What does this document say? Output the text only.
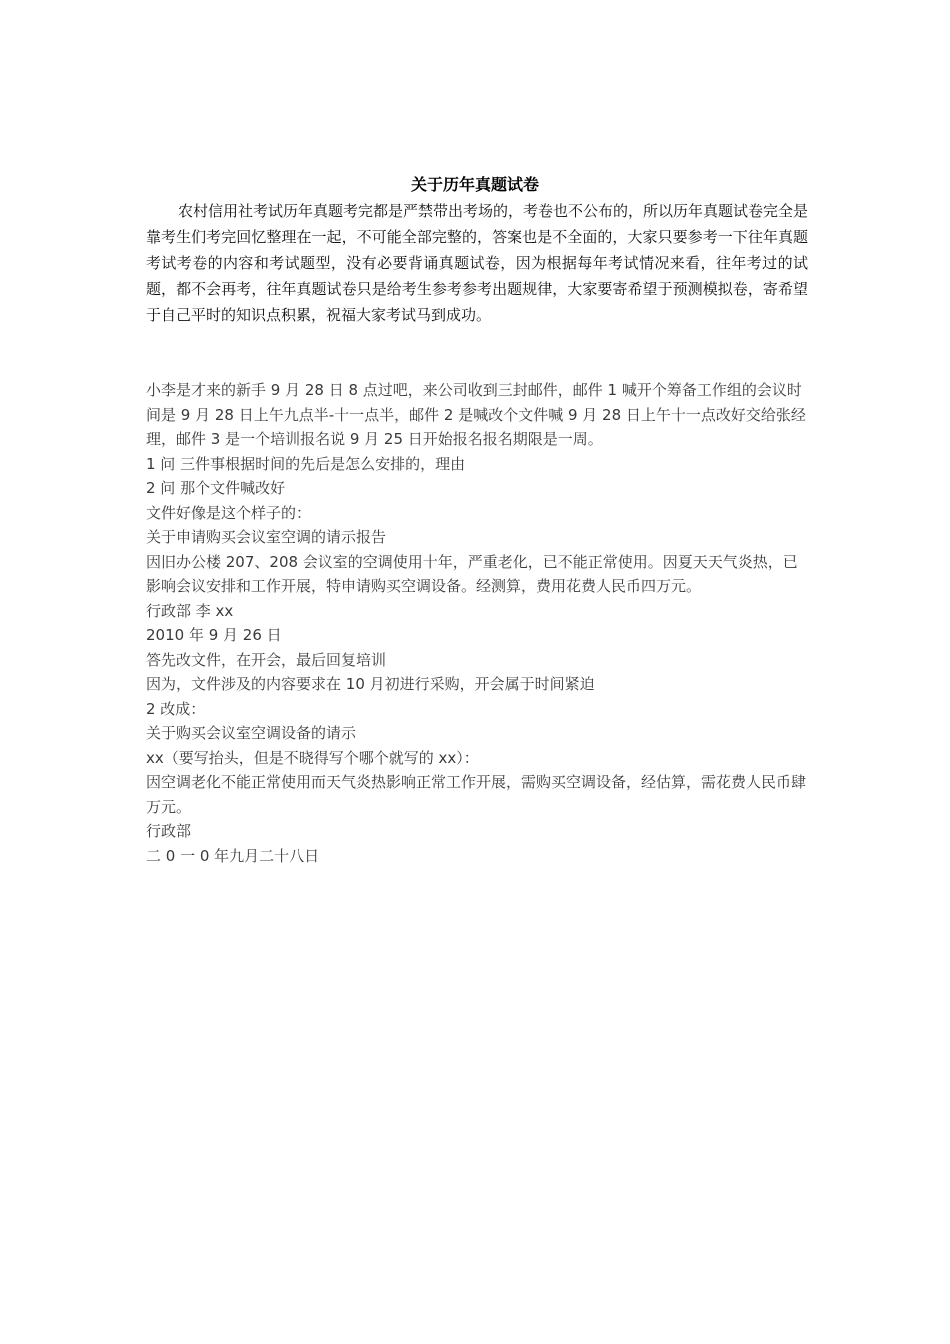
关于历年真题试卷
农村信用社考试历年真题考完都是严禁带出考场的，考卷也不公布的，所以历年真题试卷完全是靠考生们考完回忆整理在一起，不可能全部完整的，答案也是不全面的，大家只要参考一下往年真题考试考卷的内容和考试题型，没有必要背诵真题试卷，因为根据每年考试情况来看，往年考过的试题，都不会再考，往年真题试卷只是给考生参考参考出题规律，大家要寄希望于预测模拟卷，寄希望于自己平时的知识点积累，祝福大家考试马到成功。

小李是才来的新手 9 月 28 日 8 点过吧，来公司收到三封邮件，邮件 1 喊开个筹备工作组的会议时间是 9 月 28 日上午九点半-十一点半，邮件 2 是喊改个文件喊 9 月 28 日上午十一点改好交给张经理，邮件 3 是一个培训报名说 9 月 25 日开始报名报名期限是一周。

1 问 三件事根据时间的先后是怎么安排的，理由

2 问 那个文件喊改好

文件好像是这个样子的：

关于申请购买会议室空调的请示报告

因旧办公楼 207、208 会议室的空调使用十年，严重老化，已不能正常使用。因夏天天气炎热，已影响会议安排和工作开展，特申请购买空调设备。经测算，费用花费人民币四万元。

行政部 李 xx

2010 年 9 月 26 日

答先改文件，在开会，最后回复培训

因为，文件涉及的内容要求在 10 月初进行采购，开会属于时间紧迫

2 改成：

关于购买会议室空调设备的请示

xx（要写抬头，但是不晓得写个哪个就写的 xx）：

因空调老化不能正常使用而天气炎热影响正常工作开展，需购买空调设备，经估算，需花费人民币肆万元。

行政部

二 0 一 0 年九月二十八日
